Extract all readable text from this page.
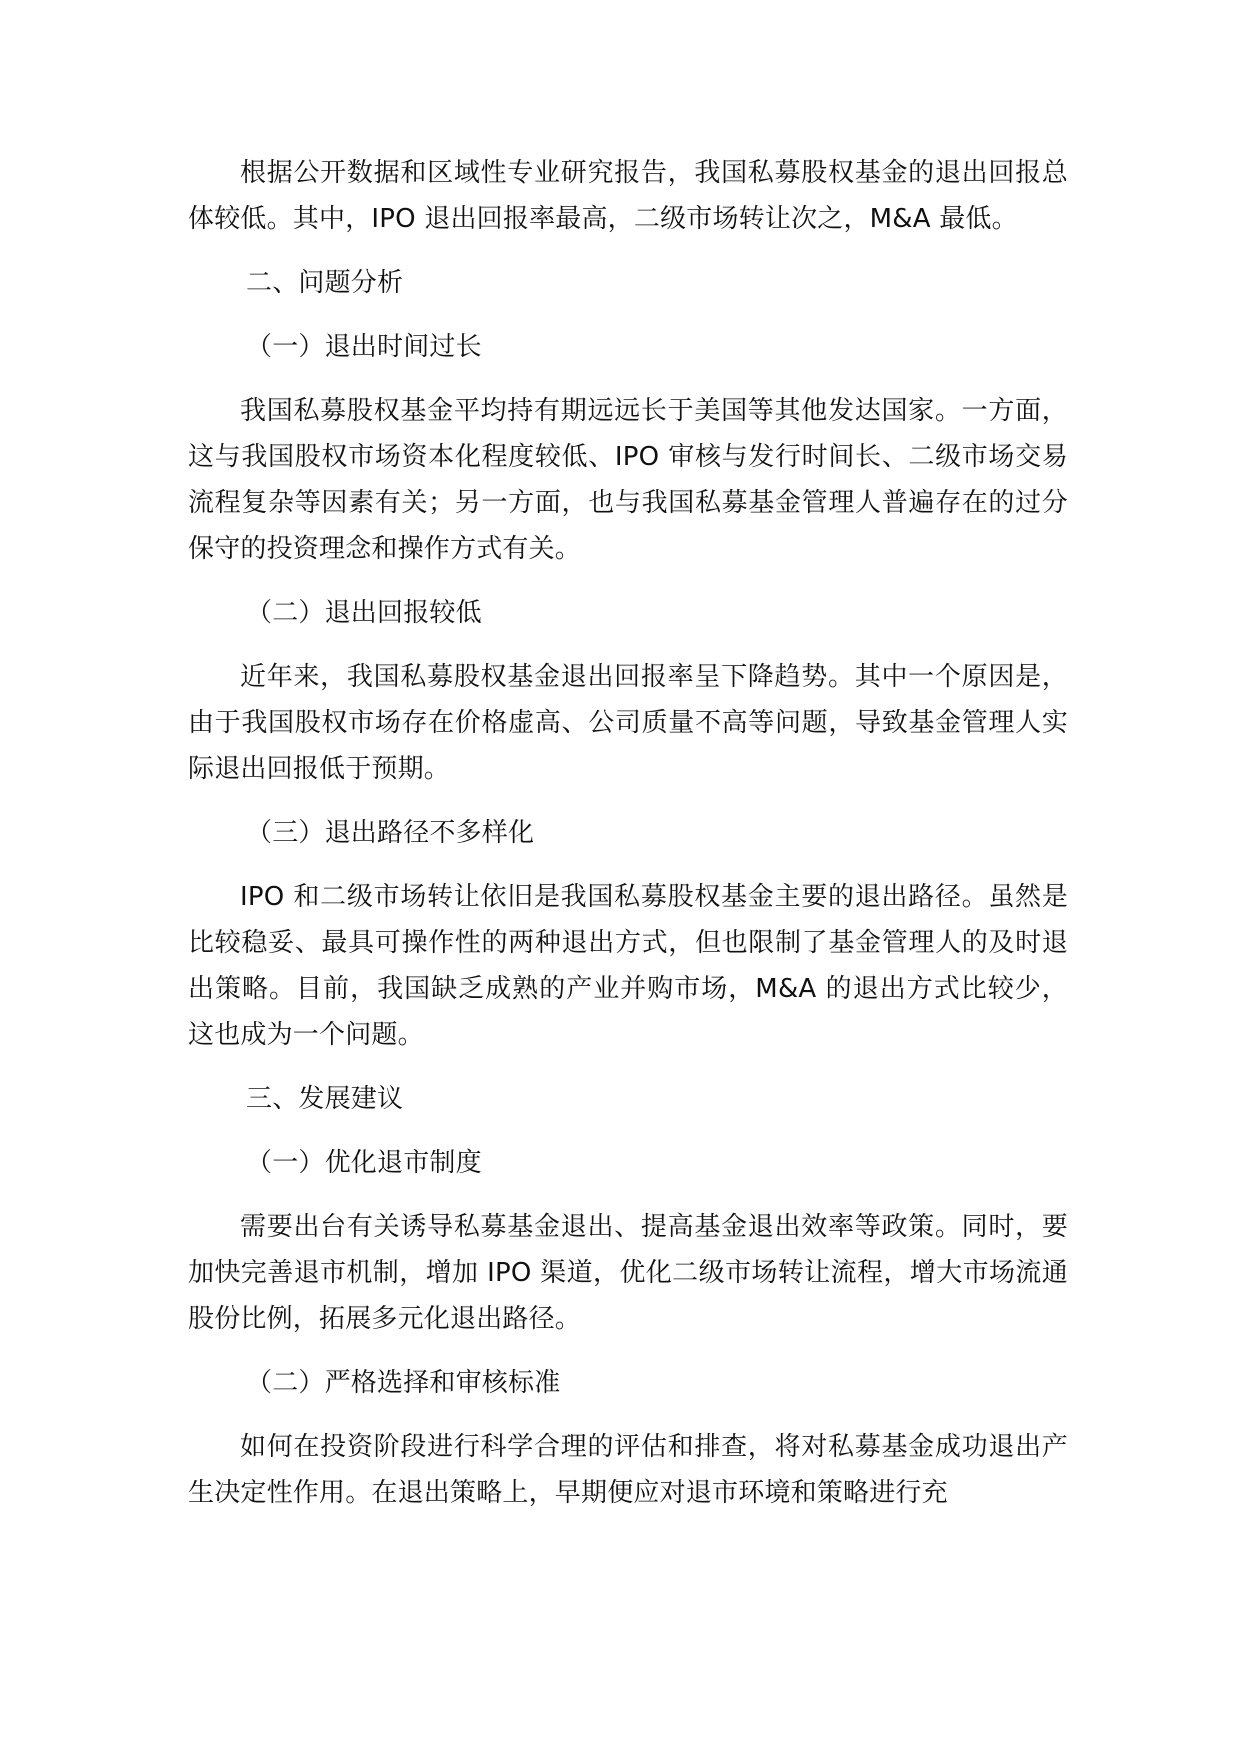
根据公开数据和区域性专业研究报告，我国私募股权基金的退出回报总体较低。其中，IPO 退出回报率最高，二级市场转让次之，M&A 最低。

二、问题分析

（一）退出时间过长

我国私募股权基金平均持有期远远长于美国等其他发达国家。一方面，这与我国股权市场资本化程度较低、IPO 审核与发行时间长、二级市场交易流程复杂等因素有关；另一方面，也与我国私募基金管理人普遍存在的过分保守的投资理念和操作方式有关。

（二）退出回报较低

近年来，我国私募股权基金退出回报率呈下降趋势。其中一个原因是，由于我国股权市场存在价格虚高、公司质量不高等问题，导致基金管理人实际退出回报低于预期。

（三）退出路径不多样化

IPO 和二级市场转让依旧是我国私募股权基金主要的退出路径。虽然是比较稳妥、最具可操作性的两种退出方式，但也限制了基金管理人的及时退出策略。目前，我国缺乏成熟的产业并购市场，M&A 的退出方式比较少，这也成为一个问题。

三、发展建议

（一）优化退市制度

需要出台有关诱导私募基金退出、提高基金退出效率等政策。同时，要加快完善退市机制，增加 IPO 渠道，优化二级市场转让流程，增大市场流通股份比例，拓展多元化退出路径。

（二）严格选择和审核标准

如何在投资阶段进行科学合理的评估和排查，将对私募基金成功退出产生决定性作用。在退出策略上，早期便应对退市环境和策略进行充
